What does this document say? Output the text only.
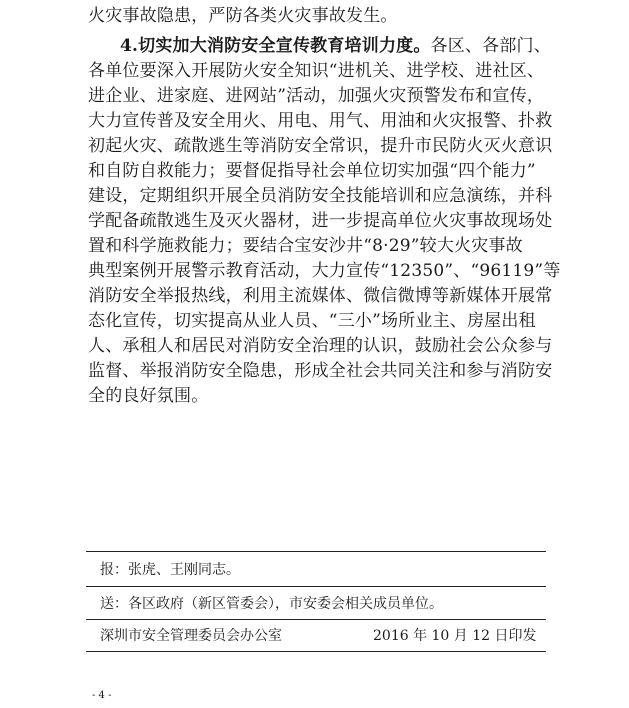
火灾事故隐患，严防各类火灾事故发生。
4.切实加大消防安全宣传教育培训力度。各区、各部门、
各单位要深入开展防火安全知识“进机关、进学校、进社区、
进企业、进家庭、进网站”活动，加强火灾预警发布和宣传，
大力宣传普及安全用火、用电、用气、用油和火灾报警、扑救
初起火灾、疏散逃生等消防安全常识，提升市民防火灭火意识
和自防自救能力；要督促指导社会单位切实加强“四个能力”
建设，定期组织开展全员消防安全技能培训和应急演练，并科
学配备疏散逃生及灭火器材，进一步提高单位火灾事故现场处
置和科学施救能力；要结合宝安沙井“8·29”较大火灾事故
典型案例开展警示教育活动，大力宣传“12350”、“96119”等
消防安全举报热线，利用主流媒体、微信微博等新媒体开展常
态化宣传，切实提高从业人员、“三小”场所业主、房屋出租
人、承租人和居民对消防安全治理的认识，鼓励社会公众参与
监督、举报消防安全隐患，形成全社会共同关注和参与消防安
全的良好氛围。
报：张虎、王刚同志。
送：各区政府（新区管委会），市安委会相关成员单位。
深圳市安全管理委员会办公室	2016 年 10 月 12 日印发
- 4 -
